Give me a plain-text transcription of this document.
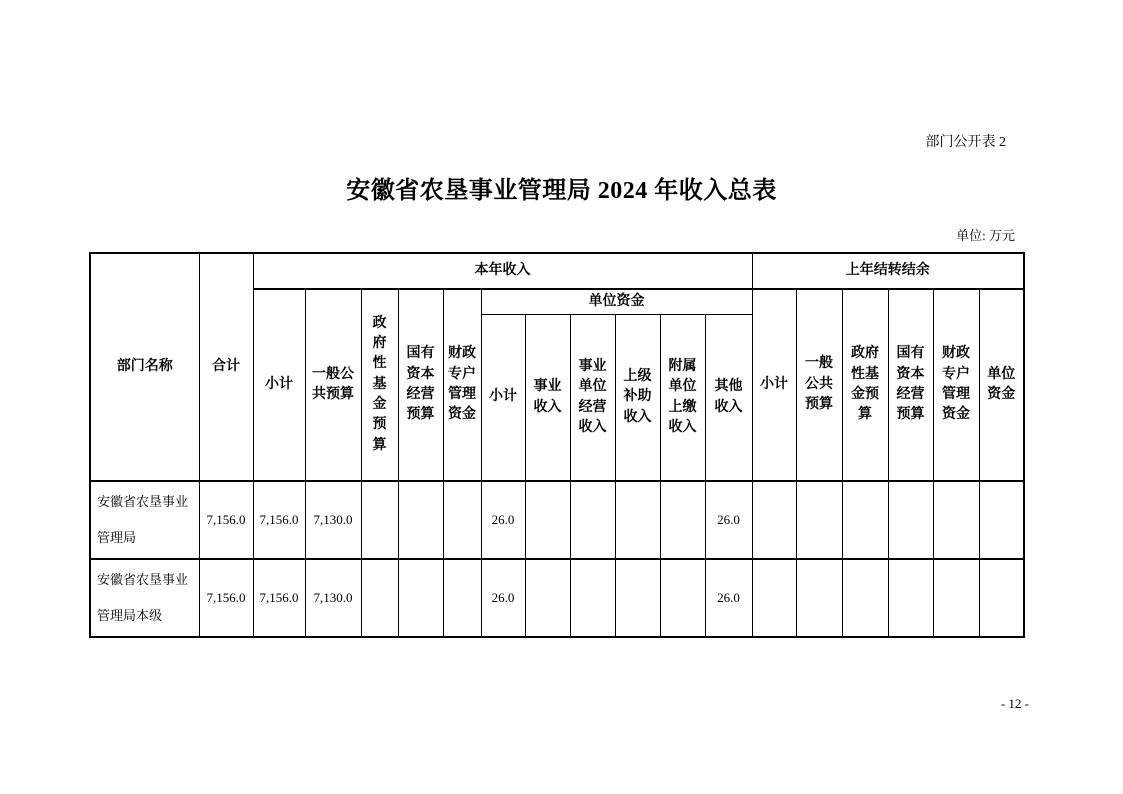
部门公开表 2
安徽省农垦事业管理局 2024 年收入总表
单位: 万元
部门名称	合计	本年收入											上年结转结余					
		小计	一般公共预算	政府性基金预算	国有资本经营预算	财政专户管理资金	单位资金						小计	一般公共预算	政府性基金预算	国有资本经营预算	财政专户管理资金	单位资金
							小计	事业收入	事业单位经营收入	上级补助收入	附属单位上缴收入	其他收入						
安徽省农垦事业管理局	7,156.0	7,156.0	7,130.0				26.0					26.0						
安徽省农垦事业管理局本级	7,156.0	7,156.0	7,130.0				26.0					26.0						
- 12 -
